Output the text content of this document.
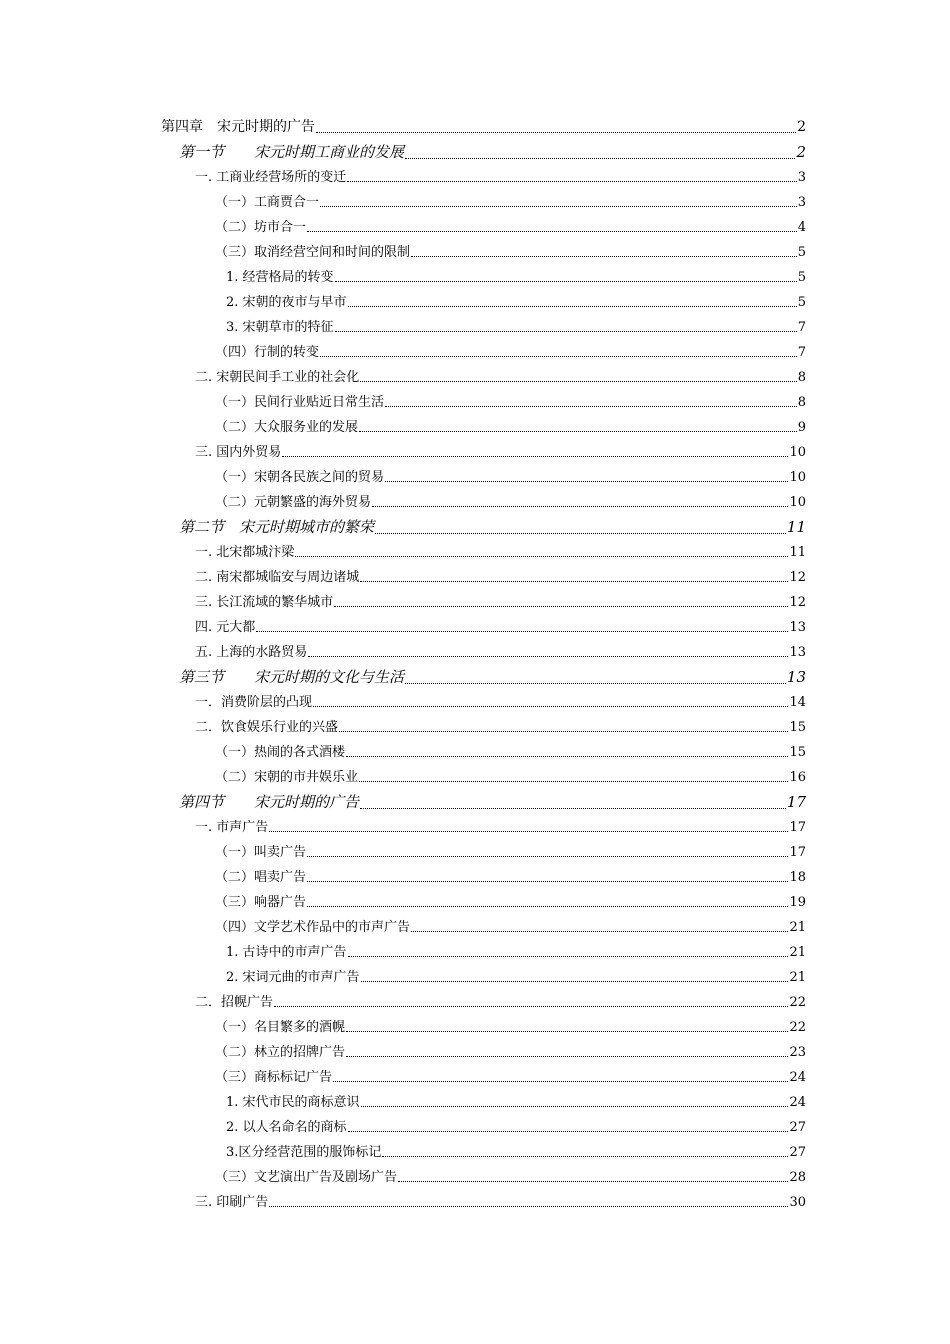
第四章　宋元时期的广告	2
第一节　　宋元时期工商业的发展	2
一. 工商业经营场所的变迁	3
（一）工商贾合一	3
（二）坊市合一	4
（三）取消经营空间和时间的限制	5
1. 经营格局的转变	5
2. 宋朝的夜市与早市	5
3. 宋朝草市的特征	7
（四）行制的转变	7
二. 宋朝民间手工业的社会化	8
（一）民间行业贴近日常生活	8
（二）大众服务业的发展	9
三. 国内外贸易	10
（一）宋朝各民族之间的贸易	10
（二）元朝繁盛的海外贸易	10
第二节　宋元时期城市的繁荣	11
一. 北宋都城汴梁	11
二. 南宋都城临安与周边诸城	12
三. 长江流域的繁华城市	12
四. 元大都	13
五. 上海的水路贸易	13
第三节　　宋元时期的文化与生活	13
一．消费阶层的凸现	14
二．饮食娱乐行业的兴盛	15
（一）热闹的各式酒楼	15
（二）宋朝的市井娱乐业	16
第四节　　宋元时期的广告	17
一. 市声广告	17
（一）叫卖广告	17
（二）唱卖广告	18
（三）响器广告	19
（四）文学艺术作品中的市声广告	21
1. 古诗中的市声广告	21
2. 宋词元曲的市声广告	21
二．招幌广告	22
（一）名目繁多的酒幌	22
（二）林立的招牌广告	23
（三）商标标记广告	24
1. 宋代市民的商标意识	24
2. 以人名命名的商标	27
3.区分经营范围的服饰标记	27
（三）文艺演出广告及剧场广告	28
三. 印刷广告	30
